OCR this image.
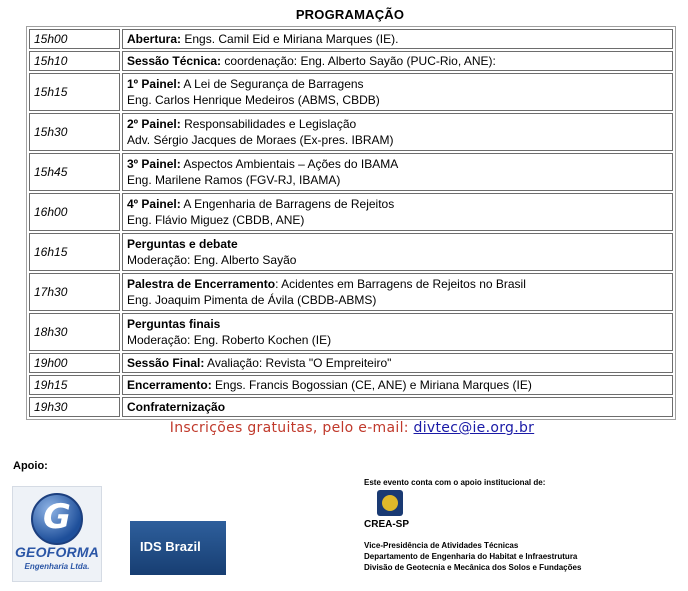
PROGRAMAÇÃO
15h00	Abertura: Engs. Camil Eid e Miriana Marques (IE).
15h10	Sessão Técnica: coordenação: Eng. Alberto Sayão (PUC-Rio, ANE):
15h15	1º Painel: A Lei de Segurança de Barragens
Eng. Carlos Henrique Medeiros (ABMS, CBDB)
15h30	2º Painel: Responsabilidades e Legislação
Adv. Sérgio Jacques de Moraes (Ex-pres. IBRAM)
15h45	3º Painel: Aspectos Ambientais – Ações do IBAMA
Eng. Marilene Ramos (FGV-RJ, IBAMA)
16h00	4º Painel: A Engenharia de Barragens de Rejeitos
Eng. Flávio Miguez (CBDB, ANE)
16h15	Perguntas e debate
Moderação: Eng. Alberto Sayão
17h30	Palestra de Encerramento: Acidentes em Barragens de Rejeitos no Brasil
Eng. Joaquim Pimenta de Ávila (CBDB-ABMS)
18h30	Perguntas finais
Moderação: Eng. Roberto Kochen (IE)
19h00	Sessão Final: Avaliação: Revista "O Empreiteiro"
19h15	Encerramento: Engs. Francis Bogossian (CE, ANE) e Miriana Marques (IE)
19h30	Confraternização
Inscrições gratuitas, pelo e-mail: divtec@ie.org.br
Apoio:
G
GEOFORMA
Engenharia Ltda.
IDS Brazil
Este evento conta com o apoio institucional de:
CREA-SP
Vice-Presidência de Atividades Técnicas
Departamento de Engenharia do Habitat e Infraestrutura
Divisão de Geotecnia e Mecânica dos Solos e Fundações
